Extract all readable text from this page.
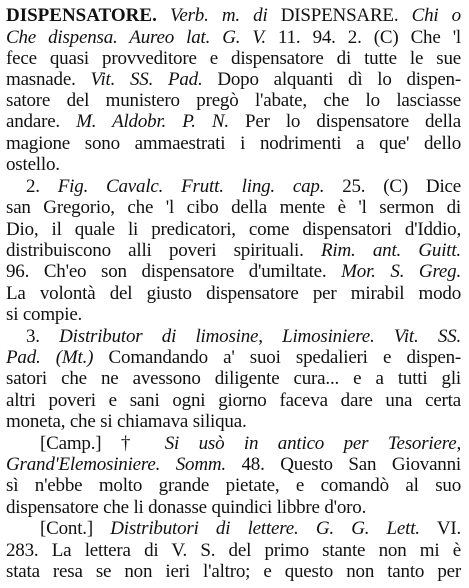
DISPENSATORE. Verb. m. di DISPENSARE. Chi o
Che dispensa. Aureo lat. G. V. 11. 94. 2. (C) Che 'l
fece quasi provveditore e dispensatore di tutte le sue
masnade. Vit. SS. Pad. Dopo alquanti dì lo dispen-
satore del munistero pregò l'abate, che lo lasciasse
andare. M. Aldobr. P. N. Per lo dispensatore della
magione sono ammaestrati i nodrimenti a que' dello
ostello.
2. Fig. Cavalc. Frutt. ling. cap. 25. (C) Dice
san Gregorio, che 'l cibo della mente è 'l sermon di
Dio, il quale li predicatori, come dispensatori d'Iddio,
distribuiscono alli poveri spirituali. Rim. ant. Guitt.
96. Ch'eo son dispensatore d'umiltate. Mor. S. Greg.
La volontà del giusto dispensatore per mirabil modo
si compie.
3. Distributor di limosine, Limosiniere. Vit. SS.
Pad. (Mt.) Comandando a' suoi spedalieri e dispen-
satori che ne avessono diligente cura... e a tutti gli
altri poveri e sani ogni giorno faceva dare una certa
moneta, che si chiamava siliqua.
[Camp.] † Si usò in antico per Tesoriere,
Grand'Elemosiniere. Somm. 48. Questo San Giovanni
sì n'ebbe molto grande pietate, e comandò al suo
dispensatore che li donasse quindici libbre d'oro.
[Cont.] Distributori di lettere. G. G. Lett. VI.
283. La lettera di V. S. del primo stante non mi è
stata resa se non ieri l'altro; e questo non tanto per
